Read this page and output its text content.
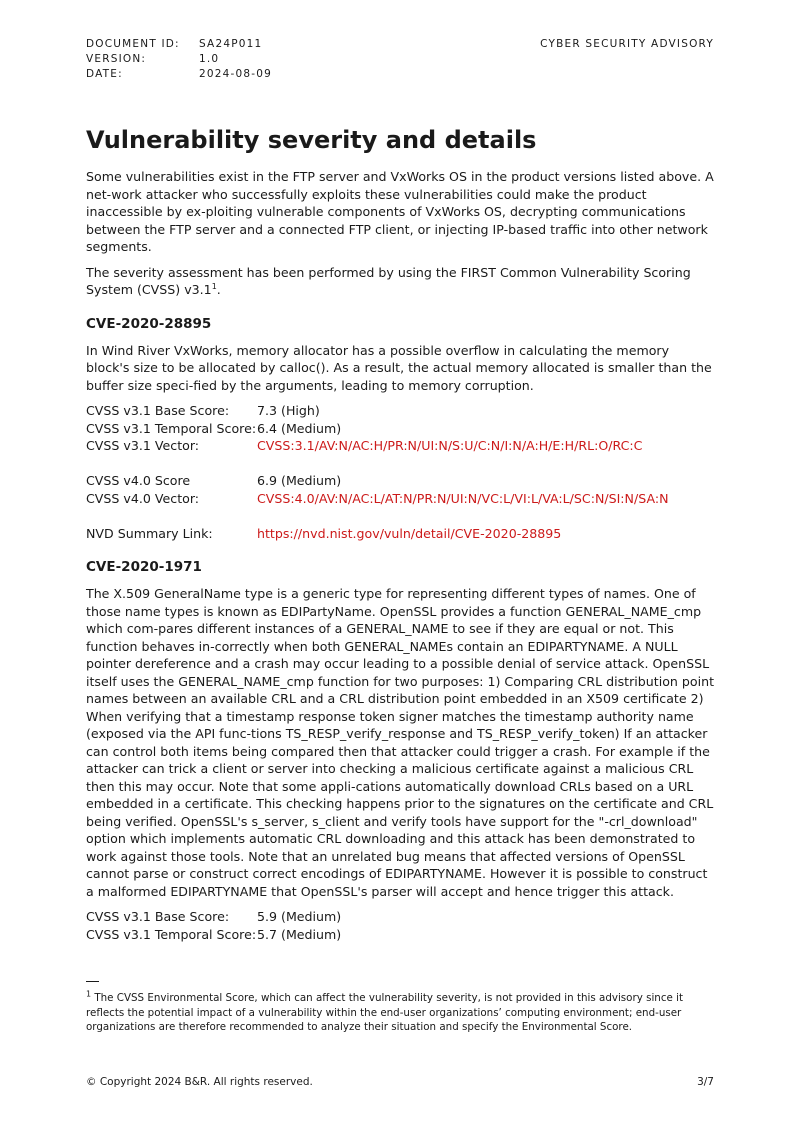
DOCUMENT ID:	SA24P011
VERSION:	1.0
DATE:	2024-08-09
CYBER SECURITY ADVISORY
Vulnerability severity and details

Some vulnerabilities exist in the FTP server and VxWorks OS in the product versions listed above. A net-work attacker who successfully exploits these vulnerabilities could make the product inaccessible by ex-ploiting vulnerable components of VxWorks OS, decrypting communications between the FTP server and a connected FTP client, or injecting IP-based traffic into other network segments.

The severity assessment has been performed by using the FIRST Common Vulnerability Scoring System (CVSS) $v3.1^1$.

CVE-2020-28895

In Wind River VxWorks, memory allocator has a possible overflow in calculating the memory block's size to be allocated by calloc(). As a result, the actual memory allocated is smaller than the buffer size speci-fied by the arguments, leading to memory corruption.

CVSS v3.1 Base Score:	7.3 (High)
CVSS v3.1 Temporal Score: 6.4 (Medium)
CVSS v3.1 Vector:	CVSS:3.1/AV:N/AC:H/PR:N/UI:N/S:U/C:N/I:N/A:H/E:H/RL:O/RC:C
CVSS v4.0 Score	6.9 (Medium)
CVSS v4.0 Vector:	CVSS:4.0/AV:N/AC:L/AT:N/PR:N/UI:N/VC:L/VI:L/VA:L/SC:N/SI:N/SA:N
NVD Summary Link:	https://nvd.nist.gov/vuln/detail/CVE-2020-28895
CVE-2020-1971

The X.509 GeneralName type is a generic type for representing different types of names. One of those name types is known as EDIPartyName. OpenSSL provides a function GENERAL_NAME_cmp which com-pares different instances of a GENERAL_NAME to see if they are equal or not. This function behaves in-correctly when both GENERAL_NAMEs contain an EDIPARTYNAME. A NULL pointer dereference and a crash may occur leading to a possible denial of service attack. OpenSSL itself uses the GENERAL_NAME_cmp function for two purposes: 1) Comparing CRL distribution point names between an available CRL and a CRL distribution point embedded in an X509 certificate 2) When verifying that a timestamp response token signer matches the timestamp authority name (exposed via the API func-tions TS_RESP_verify_response and TS_RESP_verify_token) If an attacker can control both items being compared then that attacker could trigger a crash. For example if the attacker can trick a client or server into checking a malicious certificate against a malicious CRL then this may occur. Note that some appli-cations automatically download CRLs based on a URL embedded in a certificate. This checking happens prior to the signatures on the certificate and CRL being verified. OpenSSL's s_server, s_client and verify tools have support for the "-crl_download" option which implements automatic CRL downloading and this attack has been demonstrated to work against those tools. Note that an unrelated bug means that affected versions of OpenSSL cannot parse or construct correct encodings of EDIPARTYNAME. However it is possible to construct a malformed EDIPARTYNAME that OpenSSL's parser will accept and hence trigger this attack.

CVSS v3.1 Base Score:	5.9 (Medium)
CVSS v3.1 Temporal Score: 5.7 (Medium)
$^1$ The CVSS Environmental Score, which can affect the vulnerability severity, is not provided in this advisory since it reflects the potential impact of a vulnerability within the end-user organizations’ computing environment; end-user organizations are therefore recommended to analyze their situation and specify the Environmental Score.
© Copyright 2024 B&R. All rights reserved.	3/7
